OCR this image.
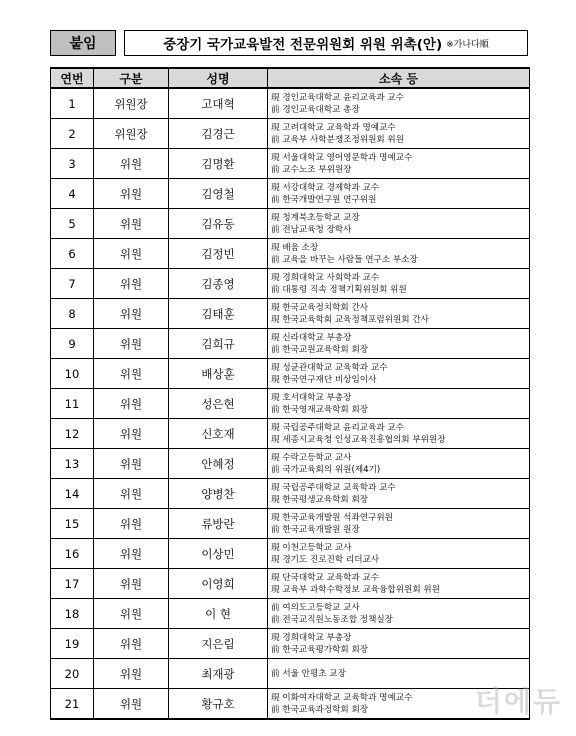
붙임	중장기 국가교육발전 전문위원회 위원 위촉(안) ※가나다順
연번	구분	성명	소속 등
1	위원장	고대혁	現 경인교육대학교 윤리교육과 교수
前 경인교육대학교 총장

2	위원장	김경근	現 고려대학교 교육학과 명예교수
前 교육부 사학분쟁조정위원회 위원

3	위원	김명환	現 서울대학교 영어영문학과 명예교수
前 교수노조 부위원장

4	위원	김영철	現 서강대학교 경제학과 교수
前 한국개발연구원 연구위원

5	위원	김유동	現 청계북초등학교 교장
前 전남교육청 장학사

6	위원	김정빈	現 배움 소장
前 교육을 바꾸는 사람들 연구소 부소장

7	위원	김종영	現 경희대학교 사회학과 교수
前 대통령 직속 정책기획위원회 위원

8	위원	김태훈	現 한국교육정치학회 간사
現 한국교육학회 교육정책포럼위원회 간사

9	위원	김희규	現 신라대학교 부총장
前 한국교원교육학회 회장

10	위원	배상훈	現 성균관대학교 교육학과 교수
現 한국연구재단 비상임이사

11	위원	성은현	現 호서대학교 부총장
前 한국영재교육학회 회장

12	위원	신호재	現 국립공주대학교 윤리교육과 교수
現 세종시교육청 인성교육진흥협의회 부위원장

13	위원	안혜정	現 수락고등학교 교사
前 국가교육회의 위원(제4기)

14	위원	양병찬	現 국립공주대학교 교육학과 교수
現 한국평생교육학회 회장

15	위원	류방란	現 한국교육개발원 석좌연구위원
前 한국교육개발원 원장

16	위원	이상민	現 이천고등학교 교사
現 경기도 진로진학 리더교사

17	위원	이영희	現 단국대학교 교육학과 교수
現 교육부 과학수학정보 교육융합위원회 위원

18	위원	이 현	前 여의도고등학교 교사
前 전국교직원노동조합 정책실장

19	위원	지은림	現 경희대학교 부총장
前 한국교육평가학회 회장

20	위원	최재광	前 서울 안평초 교장

21	위원	황규호	現 이화여자대학교 교육학과 명예교수
前 한국교육과정학회 회장	더에듀
